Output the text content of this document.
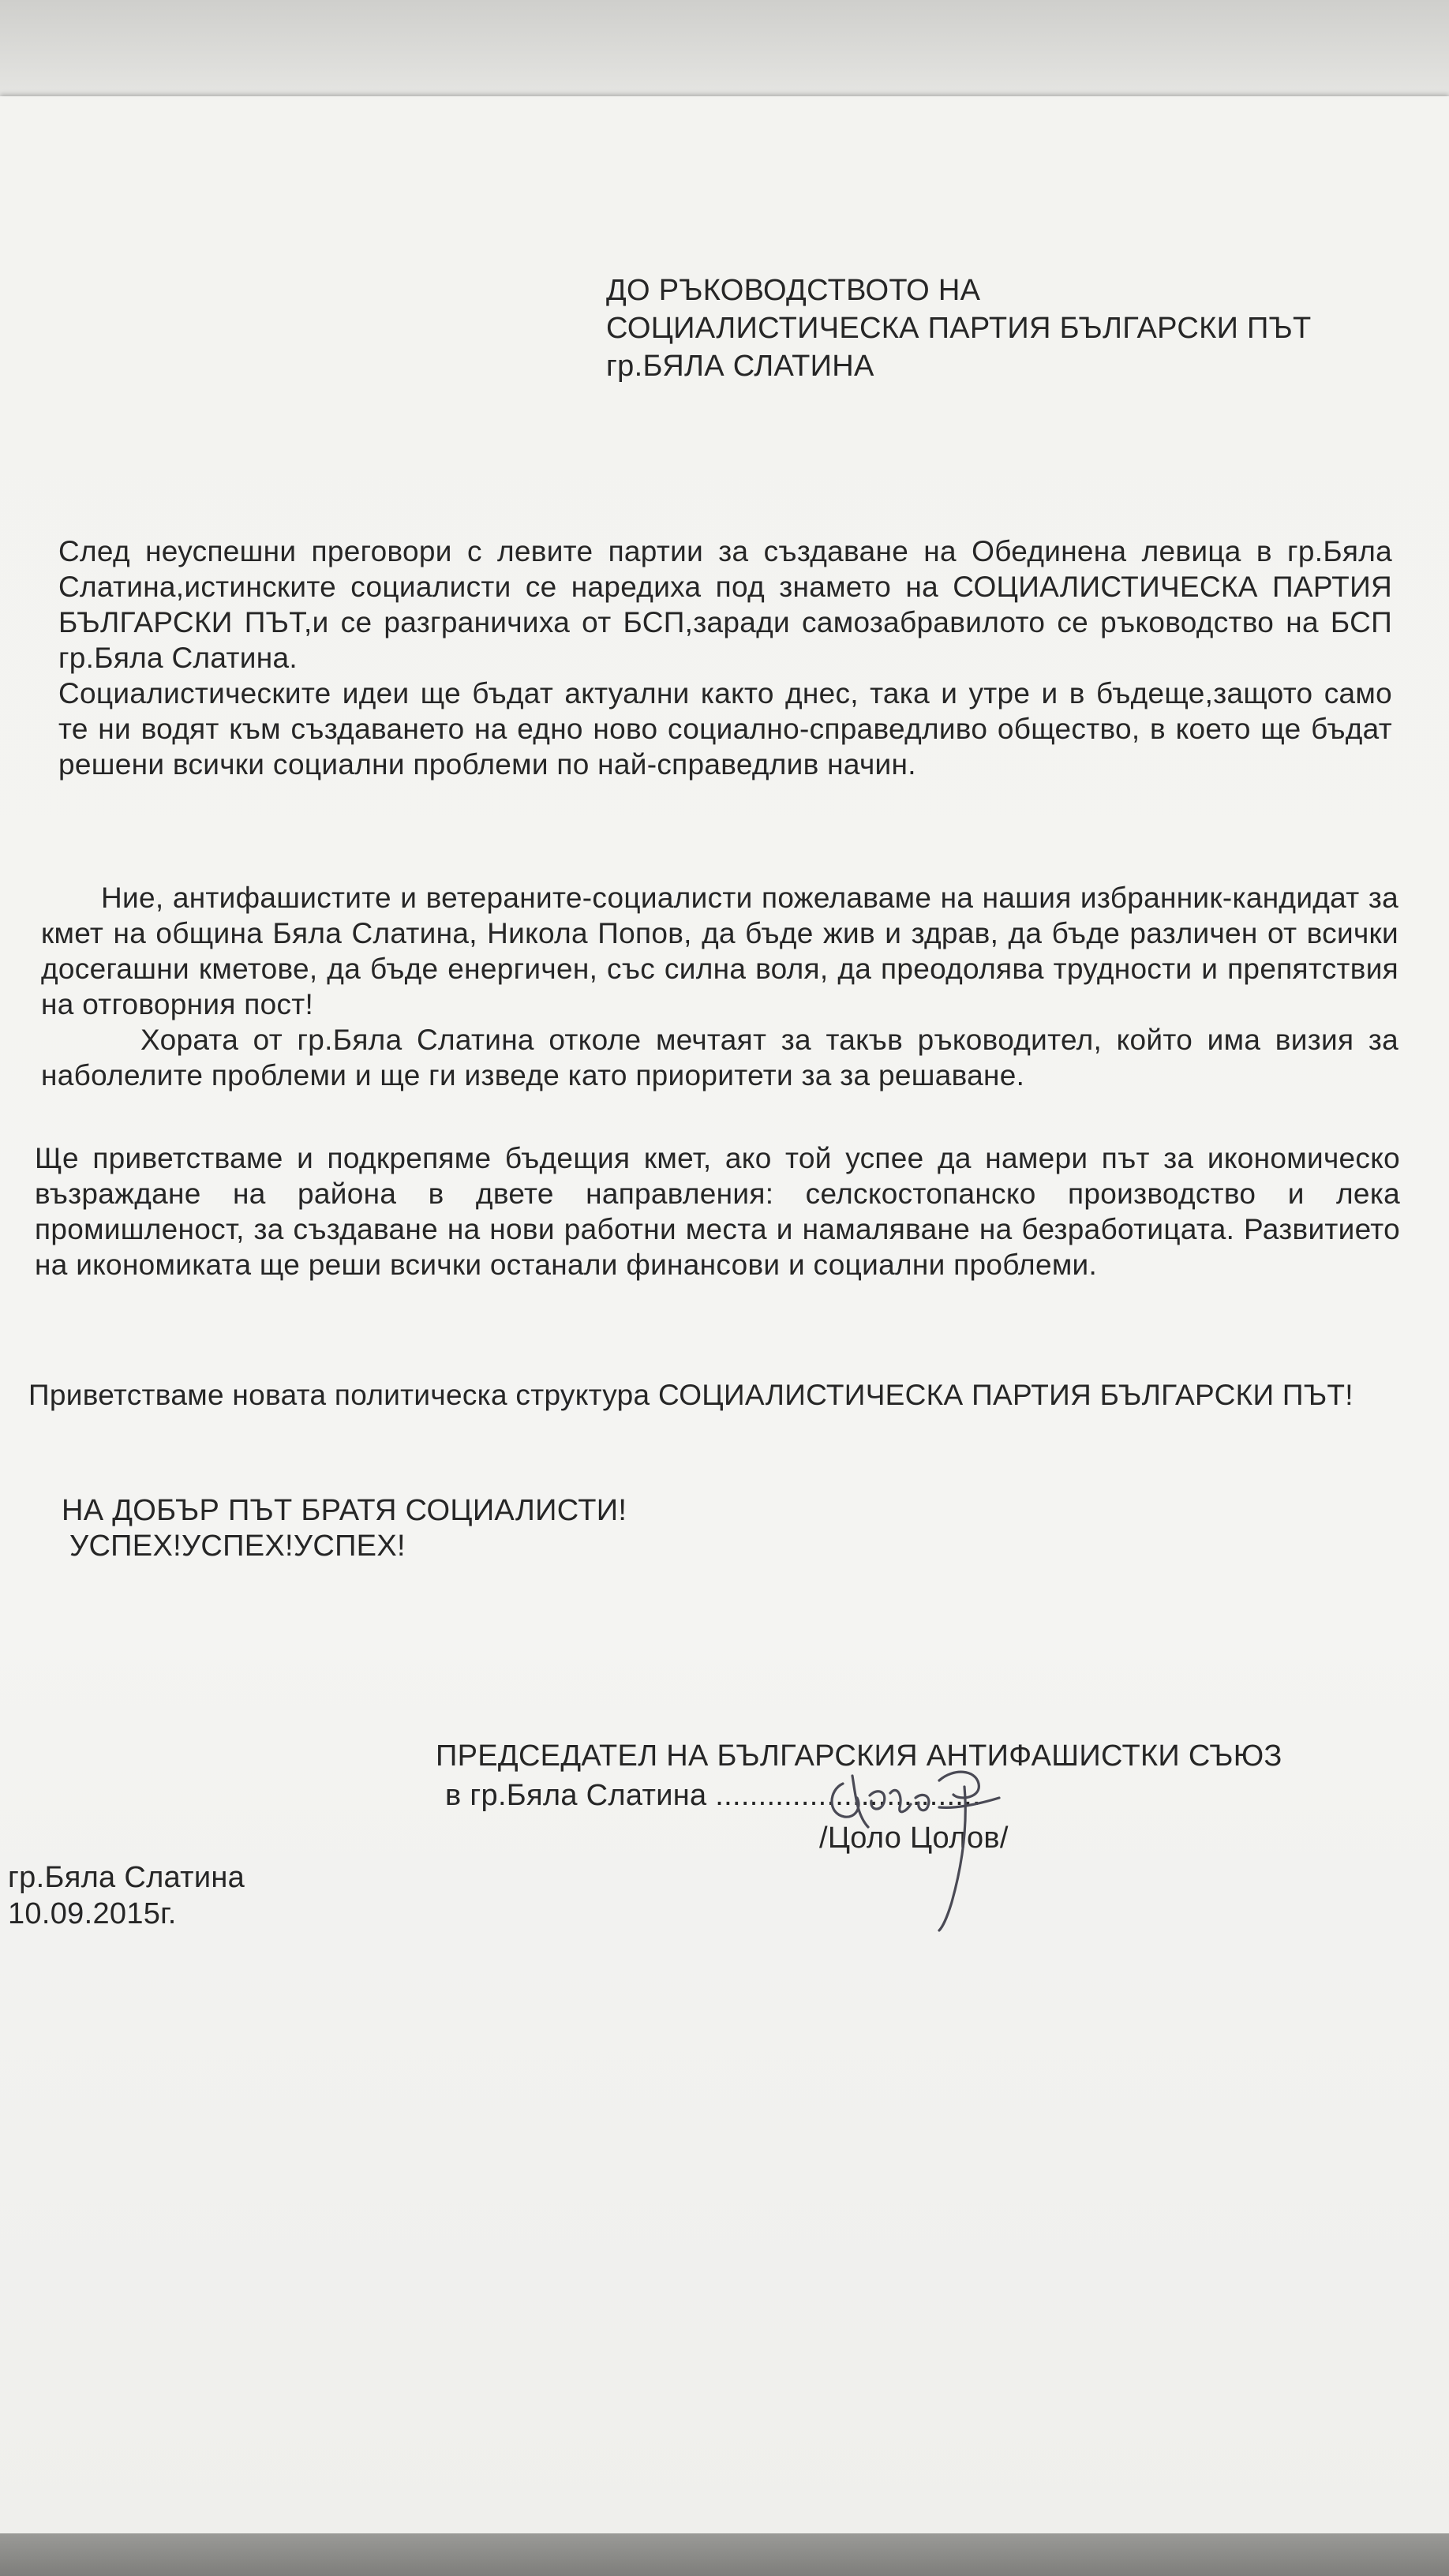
ДО РЪКОВОДСТВОТО НА
СОЦИАЛИСТИЧЕСКА ПАРТИЯ БЪЛГАРСКИ ПЪТ
гр.БЯЛА СЛАТИНА

След неуспешни преговори с левите партии за създаване на Обединена левица в гр.Бяла Слатина,истинските социалисти се наредиха под знамето на СОЦИАЛИСТИЧЕСКА ПАРТИЯ БЪЛГАРСКИ ПЪТ,и се разграничиха от БСП,заради самозабравилото се ръководство на БСП гр.Бяла Слатина.

Социалистическите идеи ще бъдат актуални както днес, така и утре и в бъдеще,защото само те ни водят към създаването на едно ново социално-справедливо общество, в което ще бъдат решени всички социални проблеми по най-справедлив начин.

Ние, антифашистите и ветераните-социалисти пожелаваме на нашия избранник-кандидат за кмет на община Бяла Слатина, Никола Попов, да бъде жив и здрав, да бъде различен от всички досегашни кметове, да бъде енергичен, със силна воля, да преодолява трудности и препятствия на отговорния пост!

Хората от гр.Бяла Слатина отколе мечтаят за такъв ръководител, който има визия за наболелите проблеми и ще ги изведе като приоритети за за решаване.

Ще приветстваме и подкрепяме бъдещия кмет, ако той успее да намери път за икономическо възраждане на района в двете направления: селскостопанско производство и лека промишленост, за създаване на нови работни места и намаляване на безработицата. Развитието на икономиката ще реши всички останали финансови и социални проблеми.

Приветстваме новата политическа структура СОЦИАЛИСТИЧЕСКА ПАРТИЯ БЪЛГАРСКИ ПЪТ!

НА ДОБЪР ПЪТ БРАТЯ СОЦИАЛИСТИ!
УСПЕХ!УСПЕХ!УСПЕХ!
ПРЕДСЕДАТЕЛ НА БЪЛГАРСКИЯ АНТИФАШИСТКИ СЪЮЗ
в гр.Бяла Слатина ...............................
/Цоло Цолов/
гр.Бяла Слатина
10.09.2015г.
